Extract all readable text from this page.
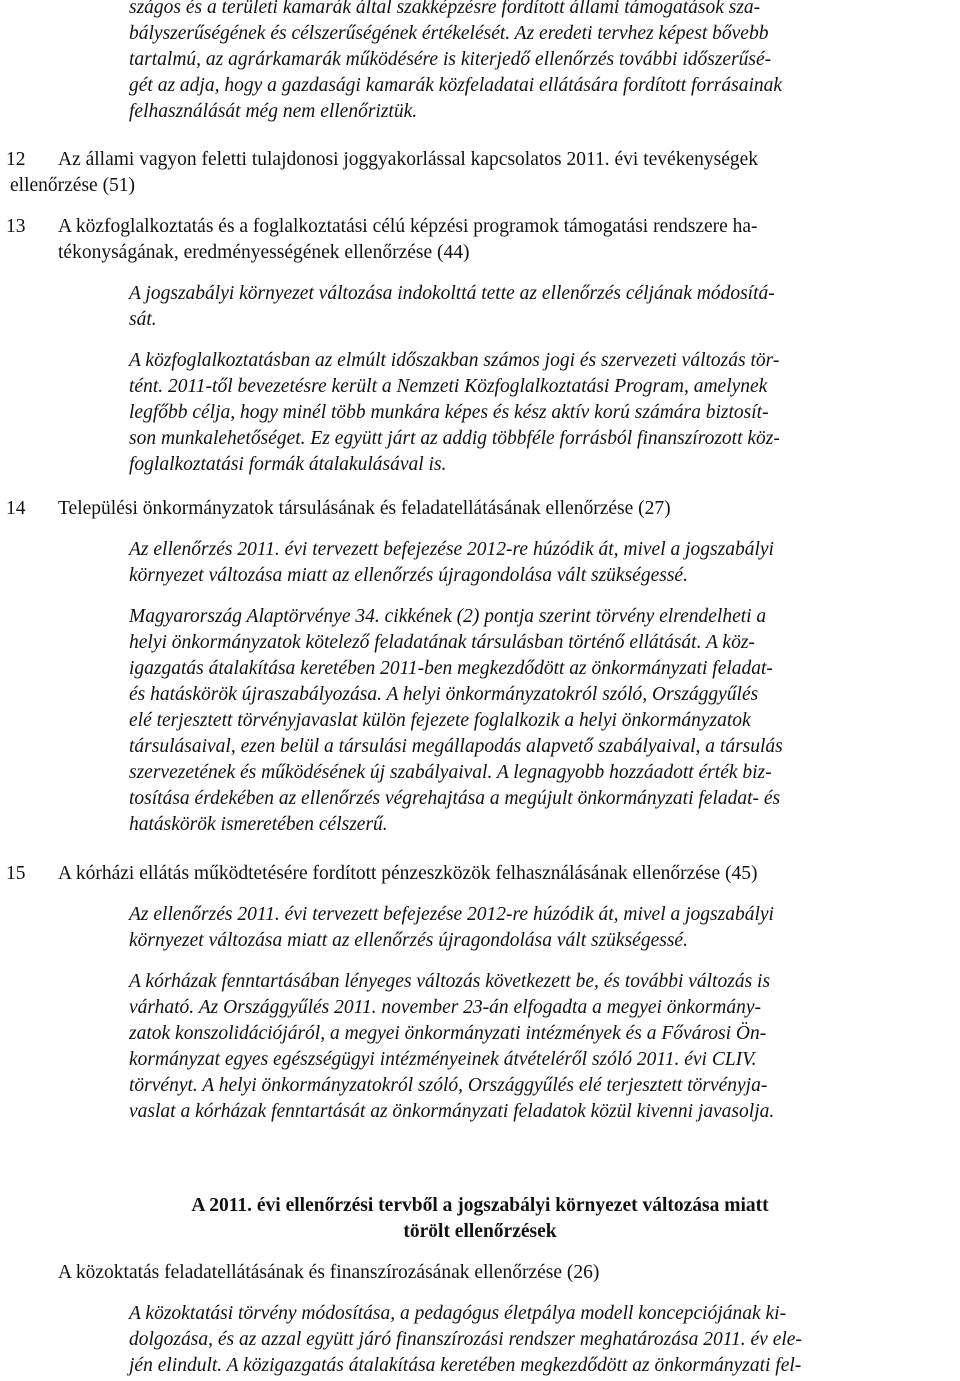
szágos és a területi kamarák által szakképzésre fordított állami támogatások sza-
bályszerűségének és célszerűségének értékelését. Az eredeti tervhez képest bővebb
tartalmú, az agrárkamarák működésére is kiterjedő ellenőrzés további időszerűsé-
gét az adja, hogy a gazdasági kamarák közfeladatai ellátására fordított forrásainak
felhasználását még nem ellenőriztük.
12 Az állami vagyon feletti tulajdonosi joggyakorlással kapcsolatos 2011. évi tevékenységek
ellenőrzése (51)
13 A közfoglalkoztatás és a foglalkoztatási célú képzési programok támogatási rendszere ha-
tékonyságának, eredményességének ellenőrzése (44)
A jogszabályi környezet változása indokolttá tette az ellenőrzés céljának módosítá-
sát.
A közfoglalkoztatásban az elmúlt időszakban számos jogi és szervezeti változás tör-
tént. 2011-től bevezetésre került a Nemzeti Közfoglalkoztatási Program, amelynek
legfőbb célja, hogy minél több munkára képes és kész aktív korú számára biztosít-
son munkalehetőséget. Ez együtt járt az addig többféle forrásból finanszírozott köz-
foglalkoztatási formák átalakulásával is.
14 Települési önkormányzatok társulásának és feladatellátásának ellenőrzése (27)
Az ellenőrzés 2011. évi tervezett befejezése 2012-re húzódik át, mivel a jogszabályi
környezet változása miatt az ellenőrzés újragondolása vált szükségessé.
Magyarország Alaptörvénye 34. cikkének (2) pontja szerint törvény elrendelheti a
helyi önkormányzatok kötelező feladatának társulásban történő ellátását. A köz-
igazgatás átalakítása keretében 2011-ben megkezdődött az önkormányzati feladat-
és hatáskörök újraszabályozása. A helyi önkormányzatokról szóló, Országgyűlés
elé terjesztett törvényjavaslat külön fejezete foglalkozik a helyi önkormányzatok
társulásaival, ezen belül a társulási megállapodás alapvető szabályaival, a társulás
szervezetének és működésének új szabályaival. A legnagyobb hozzáadott érték biz-
tosítása érdekében az ellenőrzés végrehajtása a megújult önkormányzati feladat- és
hatáskörök ismeretében célszerű.
15 A kórházi ellátás működtetésére fordított pénzeszközök felhasználásának ellenőrzése (45)
Az ellenőrzés 2011. évi tervezett befejezése 2012-re húzódik át, mivel a jogszabályi
környezet változása miatt az ellenőrzés újragondolása vált szükségessé.
A kórházak fenntartásában lényeges változás következett be, és további változás is
várható. Az Országgyűlés 2011. november 23-án elfogadta a megyei önkormány-
zatok konszolidációjáról, a megyei önkormányzati intézmények és a Fővárosi Ön-
kormányzat egyes egészségügyi intézményeinek átvételéről szóló 2011. évi CLIV.
törvényt. A helyi önkormányzatokról szóló, Országgyűlés elé terjesztett törvényja-
vaslat a kórházak fenntartását az önkormányzati feladatok közül kivenni javasolja.
A 2011. évi ellenőrzési tervből a jogszabályi környezet változása miatt
törölt ellenőrzések
A közoktatás feladatellátásának és finanszírozásának ellenőrzése (26)
A közoktatási törvény módosítása, a pedagógus életpálya modell koncepciójának ki-
dolgozása, és az azzal együtt járó finanszírozási rendszer meghatározása 2011. év ele-
jén elindult. A közigazgatás átalakítása keretében megkezdődött az önkormányzati fel-
